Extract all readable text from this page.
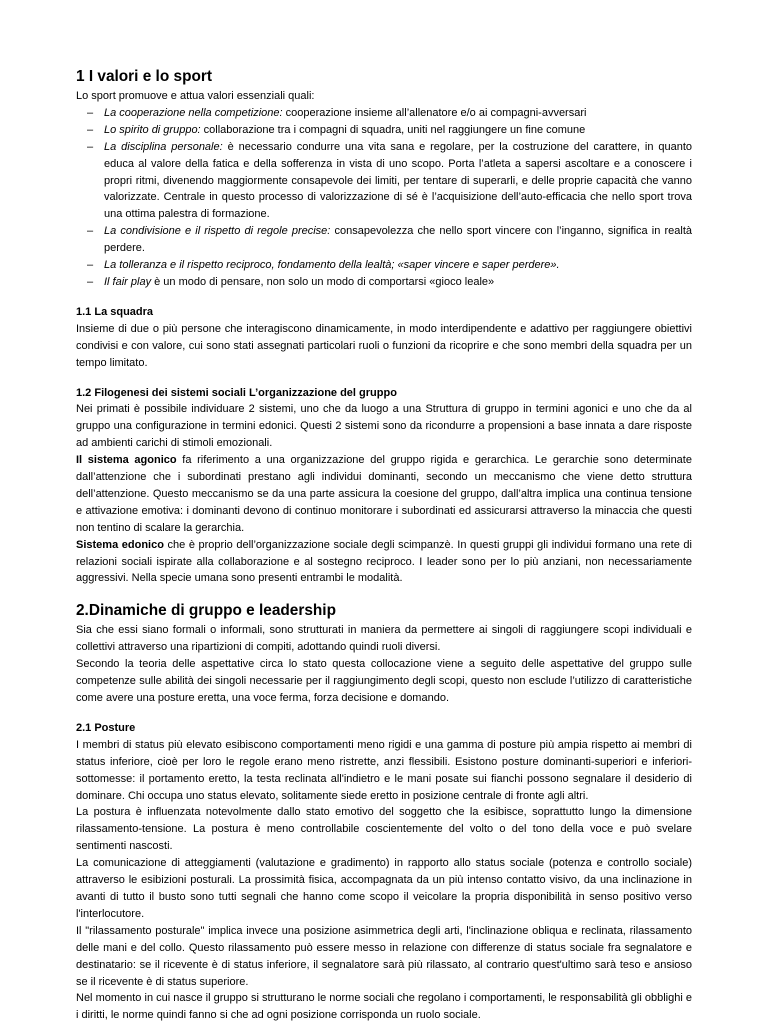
1 I valori e lo sport

Lo sport promuove e attua valori essenziali quali:

– La cooperazione nella competizione: cooperazione insieme all’allenatore e/o ai compagni-avversari
– Lo spirito di gruppo: collaborazione tra i compagni di squadra, uniti nel raggiungere un fine comune
– La disciplina personale: è necessario condurre una vita sana e regolare, per la costruzione del carattere, in quanto educa al valore della fatica e della sofferenza in vista di uno scopo. Porta l’atleta a sapersi ascoltare e a conoscere i propri ritmi, divenendo maggiormente consapevole dei limiti, per tentare di superarli, e delle proprie capacità che vanno valorizzate. Centrale in questo processo di valorizzazione di sé è l’acquisizione dell’auto-efficacia che nello sport trova una ottima palestra di formazione.
– La condivisione e il rispetto di regole precise: consapevolezza che nello sport vincere con l’inganno, significa in realtà perdere.
– La tolleranza e il rispetto reciproco, fondamento della lealtà; «saper vincere e saper perdere».
– Il fair play è un modo di pensare, non solo un modo di comportarsi «gioco leale»
1.1 La squadra

Insieme di due o più persone che interagiscono dinamicamente, in modo interdipendente e adattivo per raggiungere obiettivi condivisi e con valore, cui sono stati assegnati particolari ruoli o funzioni da ricoprire e che sono membri della squadra per un tempo limitato.

1.2 Filogenesi dei sistemi sociali L’organizzazione del gruppo

Nei primati è possibile individuare 2 sistemi, uno che da luogo a una Struttura di gruppo in termini agonici e uno che da al gruppo una configurazione in termini edonici. Questi 2 sistemi sono da ricondurre a propensioni a base innata a dare risposte ad ambienti carichi di stimoli emozionali.

Il sistema agonico fa riferimento a una organizzazione del gruppo rigida e gerarchica. Le gerarchie sono determinate dall’attenzione che i subordinati prestano agli individui dominanti, secondo un meccanismo che viene detto struttura dell’attenzione. Questo meccanismo se da una parte assicura la coesione del gruppo, dall’altra implica una continua tensione e attivazione emotiva: i dominanti devono di continuo monitorare i subordinati ed assicurarsi attraverso la minaccia che questi non tentino di scalare la gerarchia.

Sistema edonico che è proprio dell’organizzazione sociale degli scimpanzè. In questi gruppi gli individui formano una rete di relazioni sociali ispirate alla collaborazione e al sostegno reciproco. I leader sono per lo più anziani, non necessariamente aggressivi. Nella specie umana sono presenti entrambi le modalità.

2.Dinamiche di gruppo e leadership

Sia che essi siano formali o informali, sono strutturati in maniera da permettere ai singoli di raggiungere scopi individuali e collettivi attraverso una ripartizioni di compiti, adottando quindi ruoli diversi.

Secondo la teoria delle aspettative circa lo stato questa collocazione viene a seguito delle aspettative del gruppo sulle competenze sulle abilità dei singoli necessarie per il raggiungimento degli scopi, questo non esclude l’utilizzo di caratteristiche come avere una posture eretta, una voce ferma, forza decisione e domando.

2.1 Posture

I membri di status più elevato esibiscono comportamenti meno rigidi e una gamma di posture più ampia rispetto ai membri di status inferiore, cioè per loro le regole erano meno ristrette, anzi flessibili. Esistono posture dominanti-superiori e inferiori-sottomesse: il portamento eretto, la testa reclinata all'indietro e le mani posate sui fianchi possono segnalare il desiderio di dominare. Chi occupa uno status elevato, solitamente siede eretto in posizione centrale di fronte agli altri.

La postura è influenzata notevolmente dallo stato emotivo del soggetto che la esibisce, soprattutto lungo la dimensione rilassamento-tensione. La postura è meno controllabile coscientemente del volto o del tono della voce e può svelare sentimenti nascosti.

La comunicazione di atteggiamenti (valutazione e gradimento) in rapporto allo status sociale (potenza e controllo sociale) attraverso le esibizioni posturali. La prossimità fisica, accompagnata da un più intenso contatto visivo, da una inclinazione in avanti di tutto il busto sono tutti segnali che hanno come scopo il veicolare la propria disponibilità in senso positivo verso l'interlocutore.

Il "rilassamento posturale" implica invece una posizione asimmetrica degli arti, l'inclinazione obliqua e reclinata, rilassamento delle mani e del collo. Questo rilassamento può essere messo in relazione con differenze di status sociale fra segnalatore e destinatario: se il ricevente è di status inferiore, il segnalatore sarà più rilassato, al contrario quest'ultimo sarà teso e ansioso se il ricevente è di status superiore.

Nel momento in cui nasce il gruppo si strutturano le norme sociali che regolano i comportamenti, le responsabilità gli obblighi e i diritti, le norme quindi fanno si che ad ogni posizione corrisponda un ruolo sociale.
